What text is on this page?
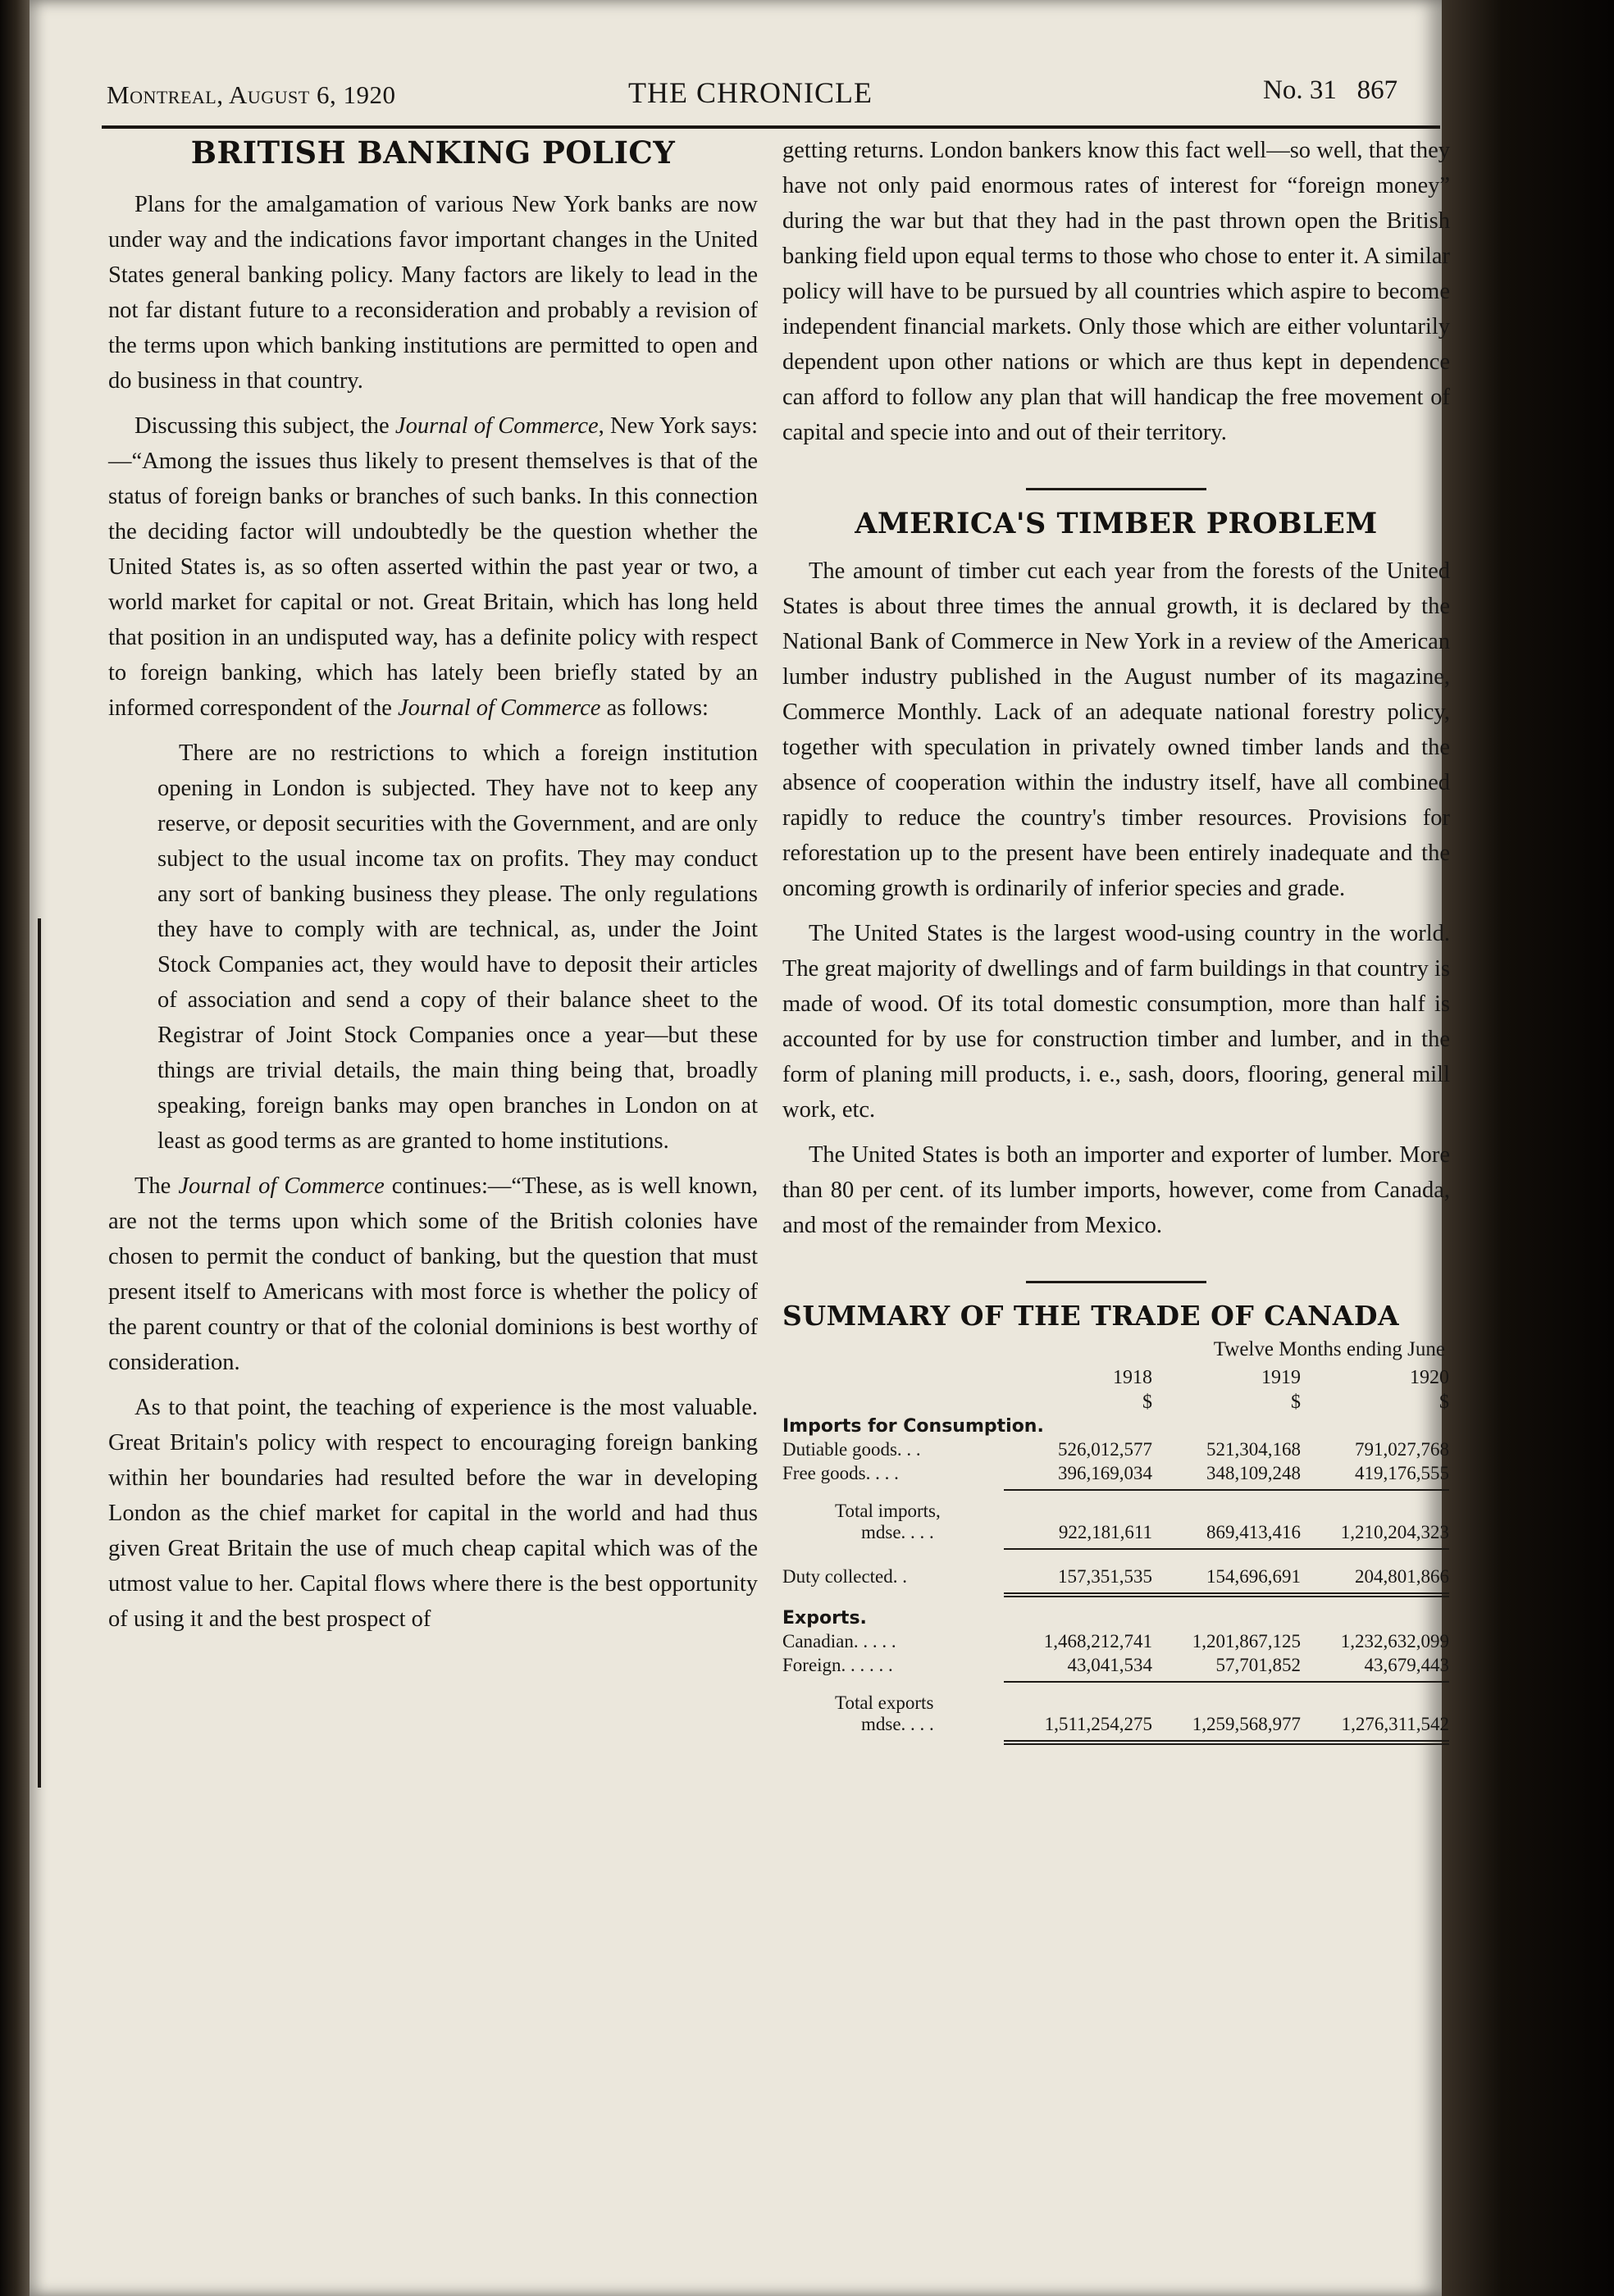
Montreal, August 6, 1920	THE CHRONICLE	No. 31   867
BRITISH BANKING POLICY

Plans for the amalgamation of various New York banks are now under way and the indications favor important changes in the United States general banking policy. Many factors are likely to lead in the not far distant future to a reconsideration and probably a revision of the terms upon which banking institutions are permitted to open and do business in that country.

Discussing this subject, the Journal of Commerce, New York says:—“Among the issues thus likely to present themselves is that of the status of foreign banks or branches of such banks. In this connection the deciding factor will undoubtedly be the question whether the United States is, as so often asserted within the past year or two, a world market for capital or not. Great Britain, which has long held that position in an undisputed way, has a definite policy with respect to foreign banking, which has lately been briefly stated by an informed correspondent of the Journal of Commerce as follows:

There are no restrictions to which a foreign institution opening in London is subjected. They have not to keep any reserve, or deposit securities with the Government, and are only subject to the usual income tax on profits. They may conduct any sort of banking business they please. The only regulations they have to comply with are technical, as, under the Joint Stock Companies act, they would have to deposit their articles of association and send a copy of their balance sheet to the Registrar of Joint Stock Companies once a year—but these things are trivial details, the main thing being that, broadly speaking, foreign banks may open branches in London on at least as good terms as are granted to home institutions.

The Journal of Commerce continues:—“These, as is well known, are not the terms upon which some of the British colonies have chosen to permit the conduct of banking, but the question that must present itself to Americans with most force is whether the policy of the parent country or that of the colonial dominions is best worthy of consideration.

As to that point, the teaching of experience is the most valuable. Great Britain's policy with respect to encouraging foreign banking within her boundaries had resulted before the war in developing London as the chief market for capital in the world and had thus given Great Britain the use of much cheap capital which was of the utmost value to her. Capital flows where there is the best opportunity of using it and the best prospect of

getting returns. London bankers know this fact well—so well, that they have not only paid enormous rates of interest for “foreign money” during the war but that they had in the past thrown open the British banking field upon equal terms to those who chose to enter it. A similar policy will have to be pursued by all countries which aspire to become independent financial markets. Only those which are either voluntarily dependent upon other nations or which are thus kept in dependence can afford to follow any plan that will handicap the free movement of capital and specie into and out of their territory.

AMERICA'S TIMBER PROBLEM

The amount of timber cut each year from the forests of the United States is about three times the annual growth, it is declared by the National Bank of Commerce in New York in a review of the American lumber industry published in the August number of its magazine, Commerce Monthly. Lack of an adequate national forestry policy, together with speculation in privately owned timber lands and the absence of cooperation within the industry itself, have all combined rapidly to reduce the country's timber resources. Provisions for reforestation up to the present have been entirely inadequate and the oncoming growth is ordinarily of inferior species and grade.

The United States is the largest wood-using country in the world. The great majority of dwellings and of farm buildings in that country is made of wood. Of its total domestic consumption, more than half is accounted for by use for construction timber and lumber, and in the form of planing mill products, i. e., sash, doors, flooring, general mill work, etc.

The United States is both an importer and exporter of lumber. More than 80 per cent. of its lumber imports, however, come from Canada, and most of the remainder from Mexico.

SUMMARY OF THE TRADE OF CANADA
Twelve Months ending June
1918	1919	1920
$	$	$
Imports for Consumption.
Dutiable goods. . .	526,012,577	521,304,168	791,027,768
Free goods. . . .	396,169,034	348,109,248	419,176,555
Total imports,
mdse. . . .	922,181,611	869,413,416	1,210,204,323
Duty collected. .	157,351,535	154,696,691	204,801,866
Exports.
Canadian. . . . .	1,468,212,741	1,201,867,125	1,232,632,099
Foreign. . . . . .	43,041,534	57,701,852	43,679,443
Total exports
mdse. . . .	1,511,254,275	1,259,568,977	1,276,311,542
